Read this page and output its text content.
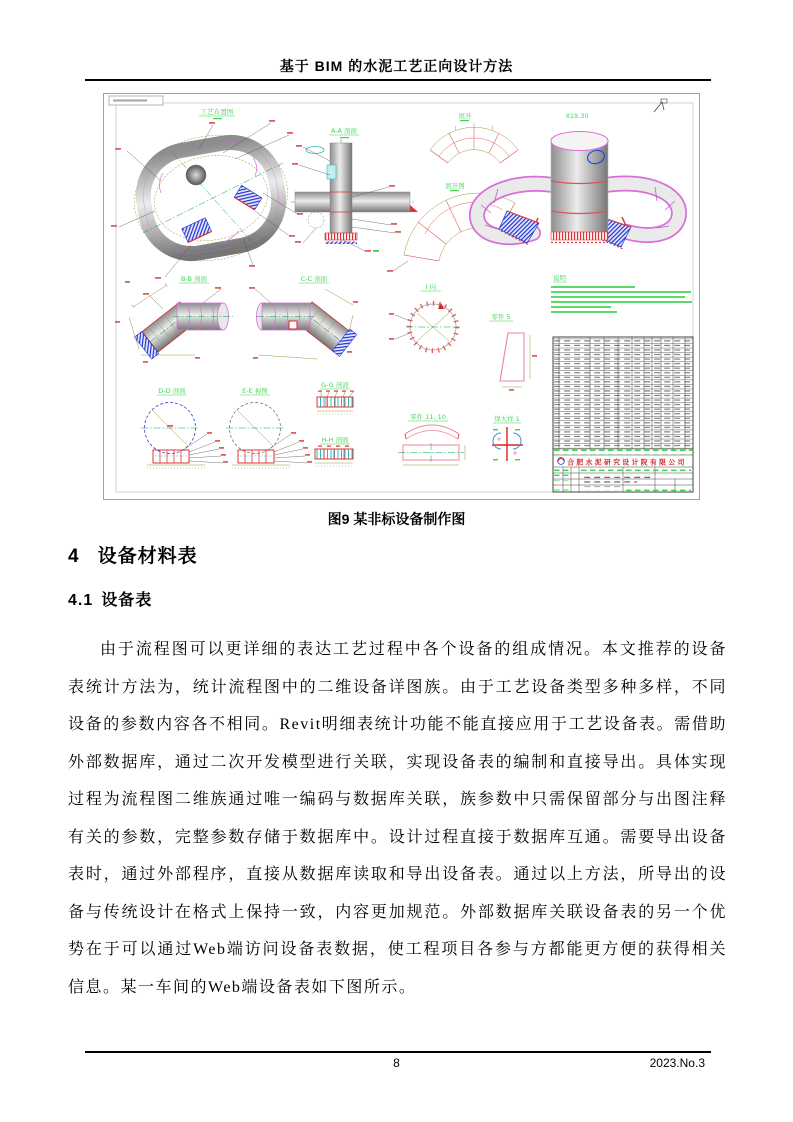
基于 BIM 的水泥工艺正向设计方法
工艺布置图
A-A 剖面
展开
展开图
X19.30
B-B 剖面	C-C 剖面
D-D 剖面	E-E 视图
G-G 剖面
H-H 剖面
I 向
零件 5
零件 11, 10	焊大样 1
说明
合肥水泥研究设计院有限公司
图9 某非标设备制作图
4 设备材料表
4.1 设备表

由于流程图可以更详细的表达工艺过程中各个设备的组成情况。本文推荐的设备表统计方法为，统计流程图中的二维设备详图族。由于工艺设备类型多种多样，不同设备的参数内容各不相同。Revit明细表统计功能不能直接应用于工艺设备表。需借助外部数据库，通过二次开发模型进行关联，实现设备表的编制和直接导出。具体实现过程为流程图二维族通过唯一编码与数据库关联，族参数中只需保留部分与出图注释有关的参数，完整参数存储于数据库中。设计过程直接于数据库互通。需要导出设备表时，通过外部程序，直接从数据库读取和导出设备表。通过以上方法，所导出的设备与传统设计在格式上保持一致，内容更加规范。外部数据库关联设备表的另一个优势在于可以通过Web端访问设备表数据，使工程项目各参与方都能更方便的获得相关信息。某一车间的Web端设备表如下图所示。

8	2023.No.3
